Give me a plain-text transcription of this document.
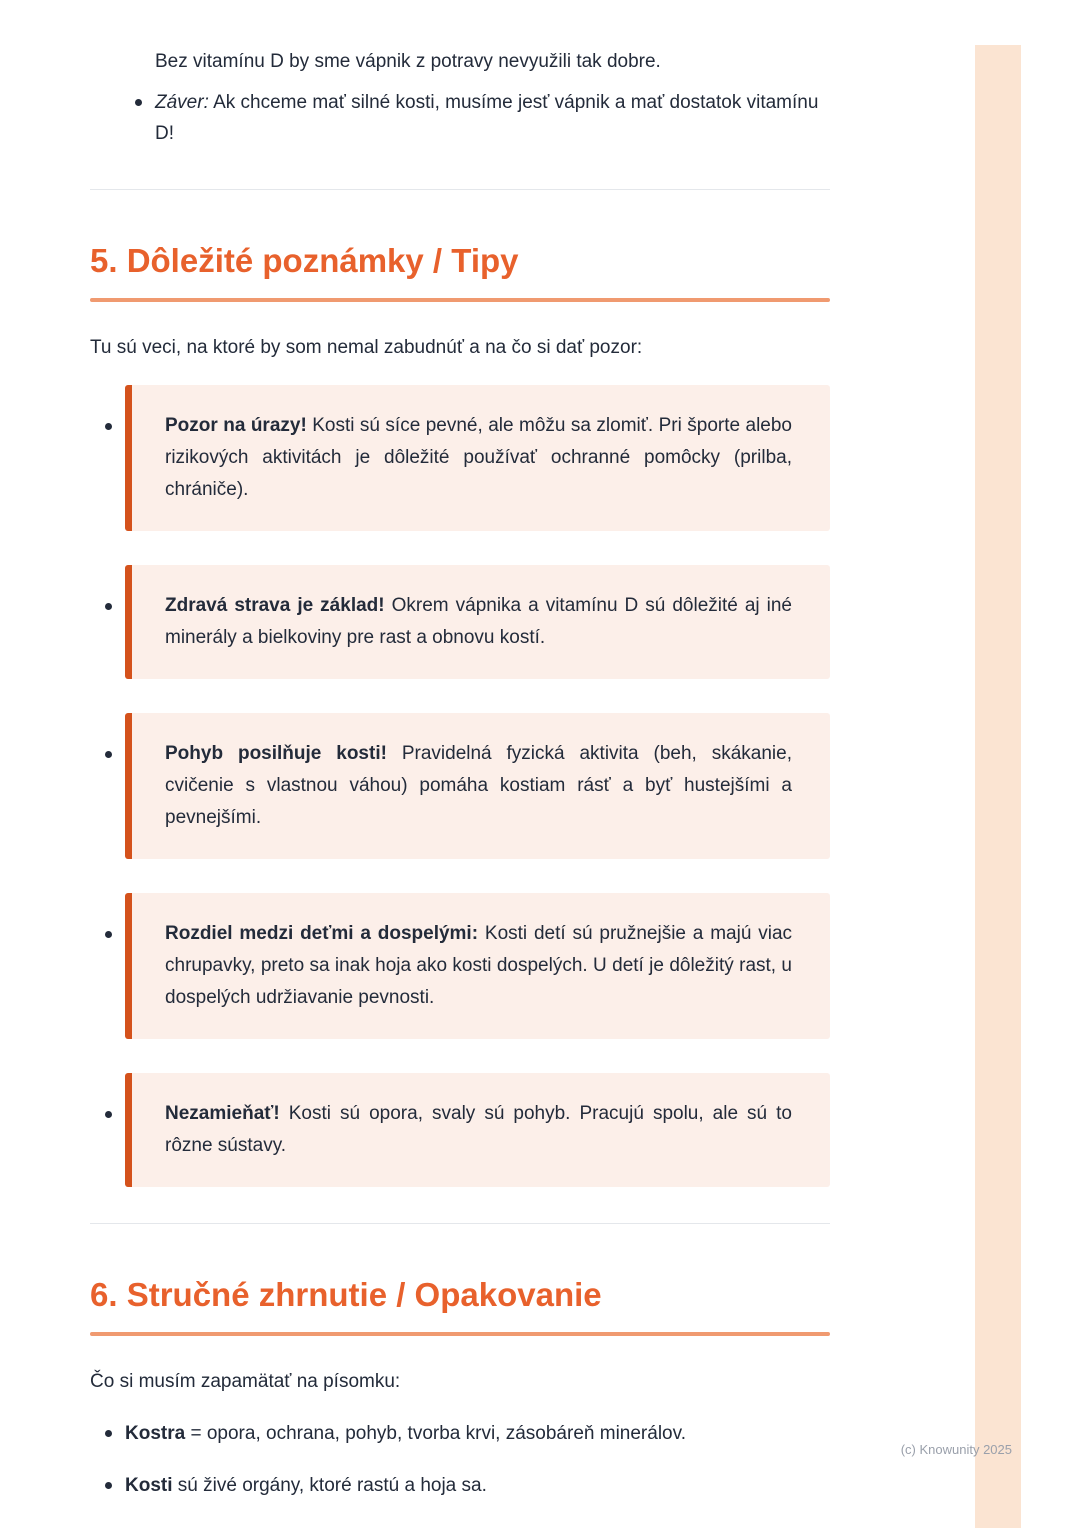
Bez vitamínu D by sme vápnik z potravy nevyužili tak dobre.

Záver: Ak chceme mať silné kosti, musíme jesť vápnik a mať dostatok vitamínu D!

5. Dôležité poznámky / Tipy

Tu sú veci, na ktoré by som nemal zabudnúť a na čo si dať pozor:

Pozor na úrazy! Kosti sú síce pevné, ale môžu sa zlomiť. Pri športe alebo rizikových aktivitách je dôležité používať ochranné pomôcky (prilba, chrániče).

Zdravá strava je základ! Okrem vápnika a vitamínu D sú dôležité aj iné minerály a bielkoviny pre rast a obnovu kostí.

Pohyb posilňuje kosti! Pravidelná fyzická aktivita (beh, skákanie, cvičenie s vlastnou váhou) pomáha kostiam rásť a byť hustejšími a pevnejšími.

Rozdiel medzi deťmi a dospelými: Kosti detí sú pružnejšie a majú viac chrupavky, preto sa inak hoja ako kosti dospelých. U detí je dôležitý rast, u dospelých udržiavanie pevnosti.

Nezamieňať! Kosti sú opora, svaly sú pohyb. Pracujú spolu, ale sú to rôzne sústavy.

6. Stručné zhrnutie / Opakovanie

Čo si musím zapamätať na písomku:

Kostra = opora, ochrana, pohyb, tvorba krvi, zásobáreň minerálov.

Kosti sú živé orgány, ktoré rastú a hoja sa.

(c) Knowunity 2025
